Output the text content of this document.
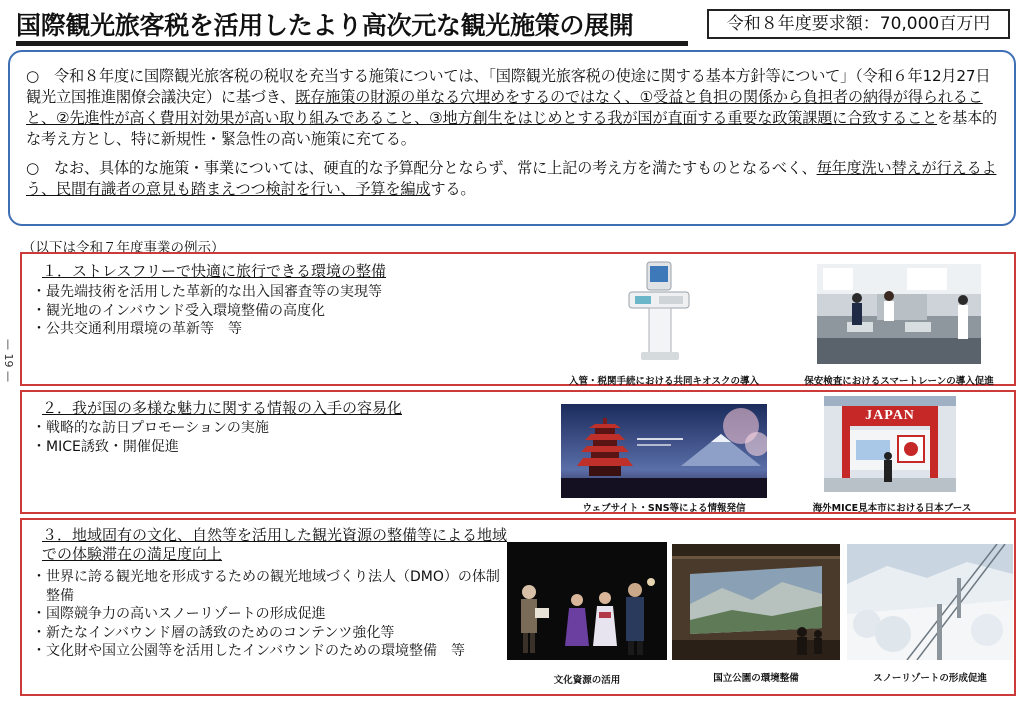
国際観光旅客税を活用したより高次元な観光施策の展開	令和８年度要求額：70,000百万円

○　令和８年度に国際観光旅客税の税収を充当する施策については、「国際観光旅客税の使途に関する基本方針等について」（令和６年12月27日観光立国推進閣僚会議決定）に基づき、既存施策の財源の単なる穴埋めをするのではなく、①受益と負担の関係から負担者の納得が得られること、②先進性が高く費用対効果が高い取り組みであること、③地方創生をはじめとする我が国が直面する重要な政策課題に合致することを基本的な考え方とし、特に新規性・緊急性の高い施策に充てる。

○　なお、具体的な施策・事業については、硬直的な予算配分とならず、常に上記の考え方を満たすものとなるべく、毎年度洗い替えが行えるよう、民間有識者の意見も踏まえつつ検討を行い、予算を編成する。

（以下は令和７年度事業の例示）
— 19 —
１．ストレスフリーで快適に旅行できる環境の整備
・ 最先端技術を活用した革新的な出入国審査等の実現等
・ 観光地のインバウンド受入環境整備の高度化
・ 公共交通利用環境の革新等　等
入管・税関手続における共同キオスクの導入	保安検査におけるスマートレーンの導入促進
２．我が国の多様な魅力に関する情報の入手の容易化
・ 戦略的な訪日プロモーションの実施
・ MICE誘致・開催促進
JAPAN
ウェブサイト・SNS等による情報発信	海外MICE見本市における日本ブース
３．地域固有の文化、自然等を活用した観光資源の整備等による地域
での体験滞在の満足度向上
・ 世界に誇る観光地を形成するための観光地域づくり法人（DMO）の体制整備
・ 国際競争力の高いスノーリゾートの形成促進
・ 新たなインバウンド層の誘致のためのコンテンツ強化等
・ 文化財や国立公園等を活用したインバウンドのための環境整備　等
文化資源の活用	国立公園の環境整備	スノーリゾートの形成促進
